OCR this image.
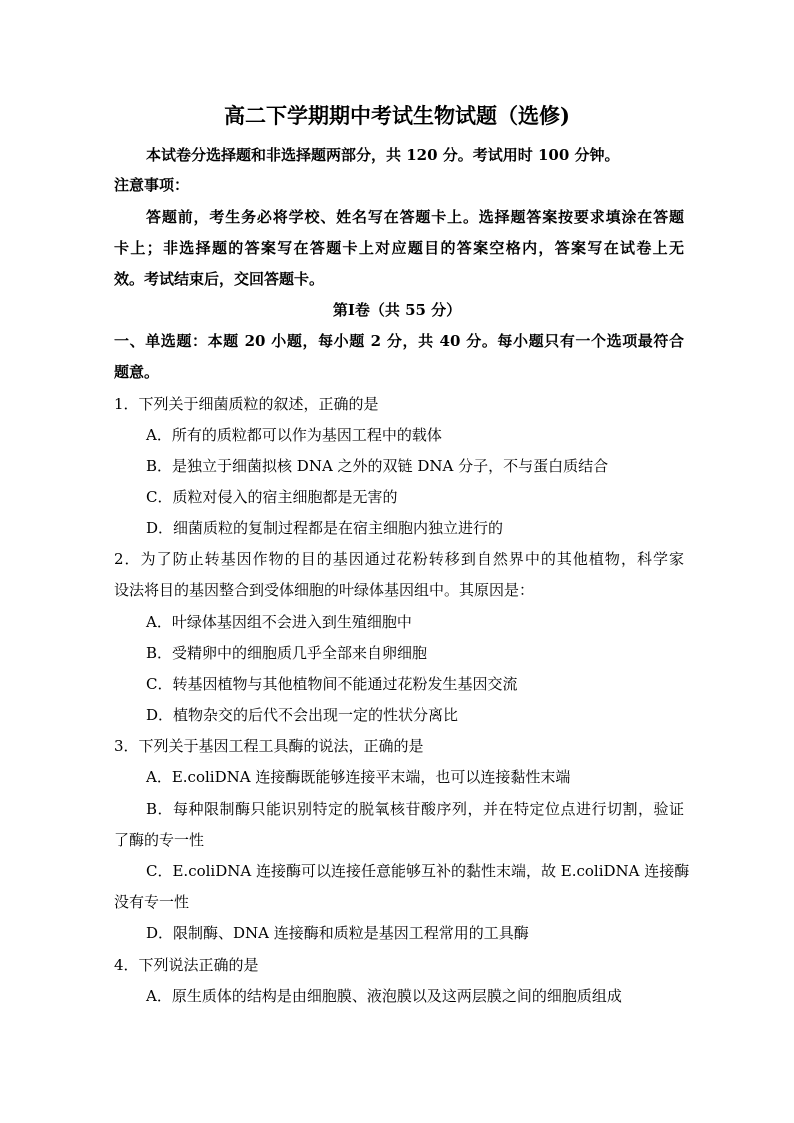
高二下学期期中考试生物试题（选修)
本试卷分选择题和非选择题两部分，共 120 分。考试用时 100 分钟。
注意事项：
答题前，考生务必将学校、姓名写在答题卡上。选择题答案按要求填涂在答题
卡上；非选择题的答案写在答题卡上对应题目的答案空格内，答案写在试卷上无
效。考试结束后，交回答题卡。
第Ⅰ卷（共 55 分）
一、单选题：本题 20 小题，每小题 2 分，共 40 分。每小题只有一个选项最符合
题意。
1．下列关于细菌质粒的叙述，正确的是
A．所有的质粒都可以作为基因工程中的载体
B．是独立于细菌拟核 DNA 之外的双链 DNA 分子，不与蛋白质结合
C．质粒对侵入的宿主细胞都是无害的
D．细菌质粒的复制过程都是在宿主细胞内独立进行的
2．为了防止转基因作物的目的基因通过花粉转移到自然界中的其他植物，科学家
设法将目的基因整合到受体细胞的叶绿体基因组中。其原因是：
A．叶绿体基因组不会进入到生殖细胞中
B．受精卵中的细胞质几乎全部来自卵细胞
C．转基因植物与其他植物间不能通过花粉发生基因交流
D．植物杂交的后代不会出现一定的性状分离比
3．下列关于基因工程工具酶的说法，正确的是
A．E.coliDNA 连接酶既能够连接平末端，也可以连接黏性末端
B．每种限制酶只能识别特定的脱氧核苷酸序列，并在特定位点进行切割，验证
了酶的专一性
C．E.coliDNA 连接酶可以连接任意能够互补的黏性末端，故 E.coliDNA 连接酶
没有专一性
D．限制酶、DNA 连接酶和质粒是基因工程常用的工具酶
4．下列说法正确的是
A．原生质体的结构是由细胞膜、液泡膜以及这两层膜之间的细胞质组成
